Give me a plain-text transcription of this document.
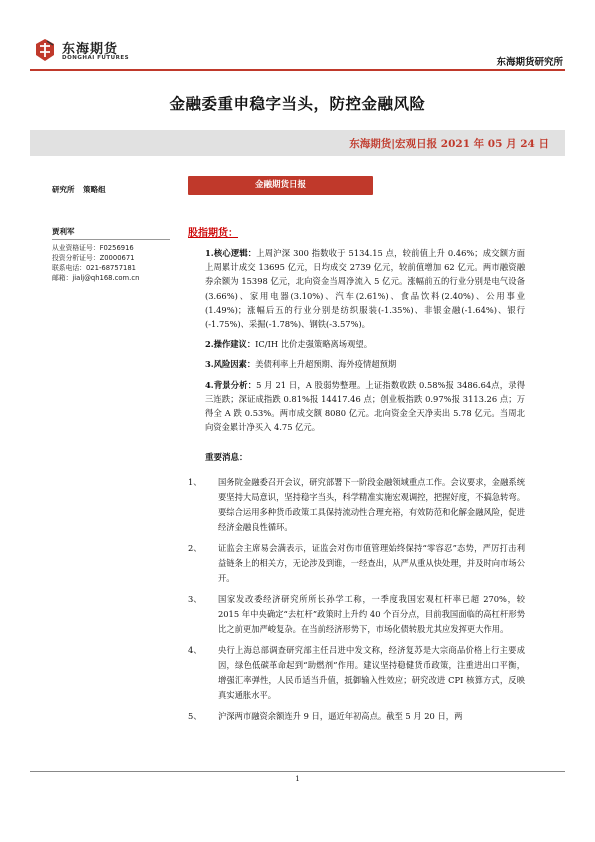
东海期货
DONGHAI FUTURES	东海期货研究所
金融委重申稳字当头，防控金融风险
东海期货|宏观日报 2021 年 05 月 24 日
研究所 策略组
贾利军
从业资格证号：F0256916
投资分析证号：Z0000671
联系电话：021-68757181
邮箱：jialj@qh168.com.cn
金融期货日报
股指期货：

1.核心逻辑：上周沪深 300 指数收于 5134.15 点，较前值上升 0.46%；成交额方面上周累计成交 13695 亿元，日均成交 2739 亿元，较前值增加 62 亿元。两市融资融券余额为 15398 亿元，北向资金当周净流入 5 亿元。涨幅前五的行业分别是电气设备(3.66%)、家用电器(3.10%)、汽车(2.61%)、食品饮料(2.40%)、公用事业(1.49%)；涨幅后五的行业分别是纺织服装(-1.35%)、非银金融(-1.64%)、银行(-1.75%)、采掘(-1.78%)、钢铁(-3.57%)。

2.操作建议：IC/IH 比价走强策略离场观望。

3.风险因素：美债利率上升超预期、海外疫情超预期

4.背景分析：5 月 21 日，A 股弱势整理。上证指数收跌 0.58%报 3486.64点，录得三连跌；深证成指跌 0.81%报 14417.46 点；创业板指跌 0.97%报 3113.26 点；万得全 A 跌 0.53%。两市成交额 8080 亿元。北向资金全天净卖出 5.78 亿元。当周北向资金累计净买入 4.75 亿元。

重要消息：

1、 国务院金融委召开会议，研究部署下一阶段金融领域重点工作。会议要求，金融系统要坚持大局意识，坚持稳字当头，科学精准实施宏观调控，把握好度，不搞急转弯。要综合运用多种货币政策工具保持流动性合理充裕，有效防范和化解金融风险，促进经济金融良性循环。

2、 证监会主席易会满表示，证监会对伤市值管理始终保持“零容忍”态势，严厉打击利益链条上的相关方，无论涉及到谁，一经查出，从严从重从快处理，并及时向市场公开。

3、 国家发改委经济研究所所长孙学工称，一季度我国宏观杠杆率已超 270%，较 2015 年中央确定“去杠杆”政策时上升约 40 个百分点，目前我国面临的高杠杆形势比之前更加严峻复杂。在当前经济形势下，市场化债转股尤其应发挥更大作用。

4、 央行上海总部调查研究部主任吕进中发文称，经济复苏是大宗商品价格上行主要成因，绿色低碳革命起到“助燃剂”作用。建议坚持稳健货币政策，注重进出口平衡，增强汇率弹性，人民币适当升值，抵御输入性效应；研究改进 CPI 核算方式，反映真实通胀水平。

5、 沪深两市融资余额连升 9 日，逼近年初高点。截至 5 月 20 日，两

1
